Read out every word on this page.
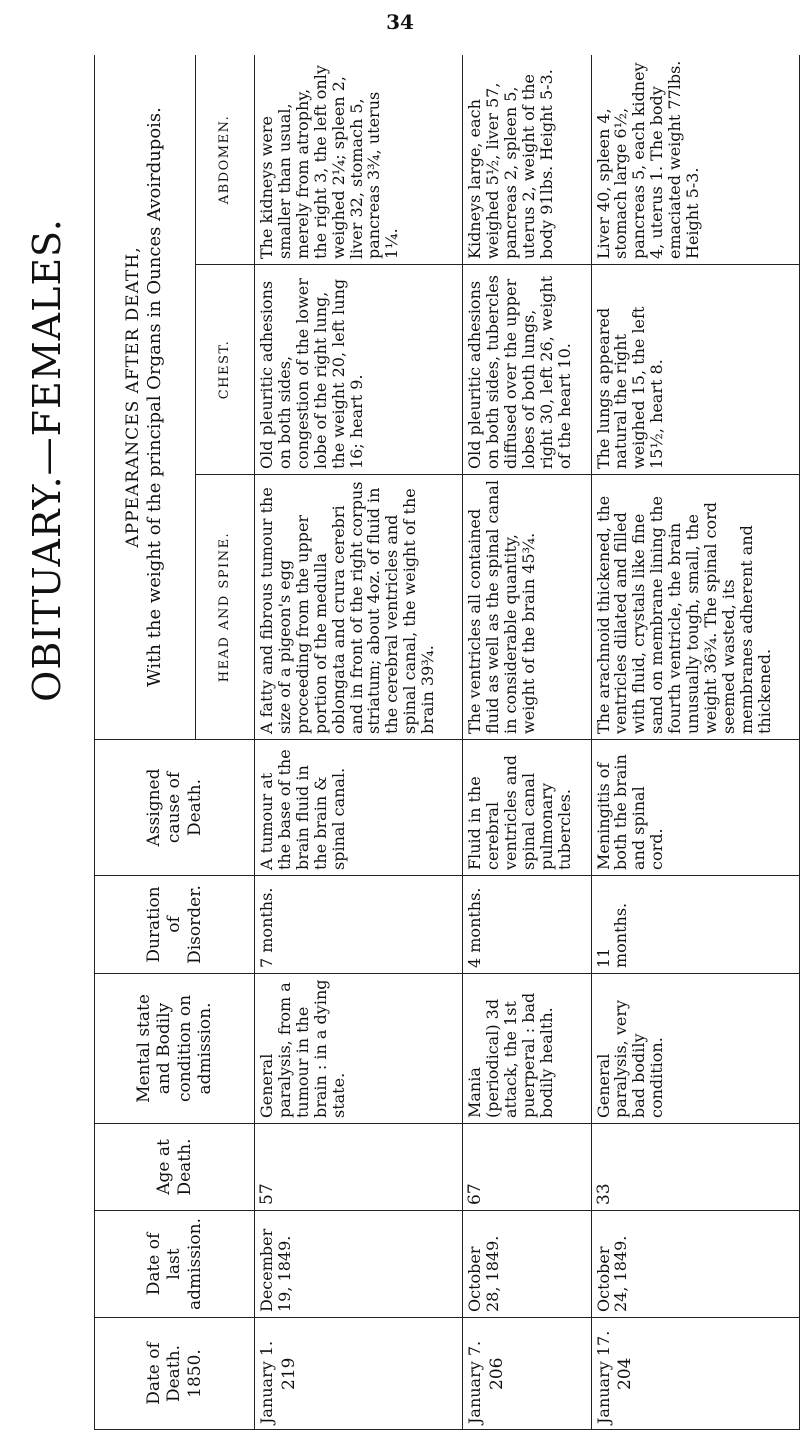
34
OBITUARY.—FEMALES.
Date of Death. 1850.	Date of last admission.	Age at Death.	Mental state and Bodily condition on admission.	Duration of Disorder.	Assigned cause of Death.	APPEARANCES AFTER DEATH, With the weight of the principal Organs in Ounces Avoirdupois.		

						HEAD AND SPINE.	CHEST.	ABDOMEN.

January 1. 219	December 19, 1849.	57	General paralysis, from a tumour in the brain : in a dying state.	7 months.	A tumour at the base of the brain fluid in the brain & spinal canal.	A fatty and fibrous tumour the size of a pigeon's egg proceeding from the upper portion of the medulla oblongata and crura cerebri and in front of the right corpus striatum; about 4oz. of fluid in the cerebral ventricles and spinal canal, the weight of the brain 39¾.	Old pleuritic adhesions on both sides, congestion of the lower lobe of the right lung, the weight 20, left lung 16; heart 9.	The kidneys were smaller than usual, merely from atrophy, the right 3, the left only weighed 2¼; spleen 2, liver 32, stomach 5, pancreas 3¾, uterus 1¼.

January 7. 206	October 28, 1849.	67	Mania (periodical) 3d attack, the 1st puerperal : bad bodily health.	4 months.	Fluid in the cerebral ventricles and spinal canal pulmonary tubercles.	The ventricles all contained fluid as well as the spinal canal in considerable quantity, weight of the brain 45¾.	Old pleuritic adhesions on both sides, tubercles diffused over the upper lobes of both lungs, right 30, left 26, weight of the heart 10.	Kidneys large, each weighed 5½, liver 57, pancreas 2, spleen 5, uterus 2, weight of the body 91lbs. Height 5-3.

January 17. 204	October 24, 1849.	33	General paralysis, very bad bodily condition.	11 months.	Meningitis of both the brain and spinal cord.	The arachnoid thickened, the ventricles dilated and filled with fluid, crystals like fine sand on membrane lining the fourth ventricle, the brain unusually tough, small, the weight 36¾. The spinal cord seemed wasted, its membranes adherent and thickened.	The lungs appeared natural the right weighed 15, the left 15½, heart 8.	Liver 40, spleen 4, stomach large 6½, pancreas 5, each kidney 4, uterus 1. The body emaciated weight 77lbs. Height 5-3.
